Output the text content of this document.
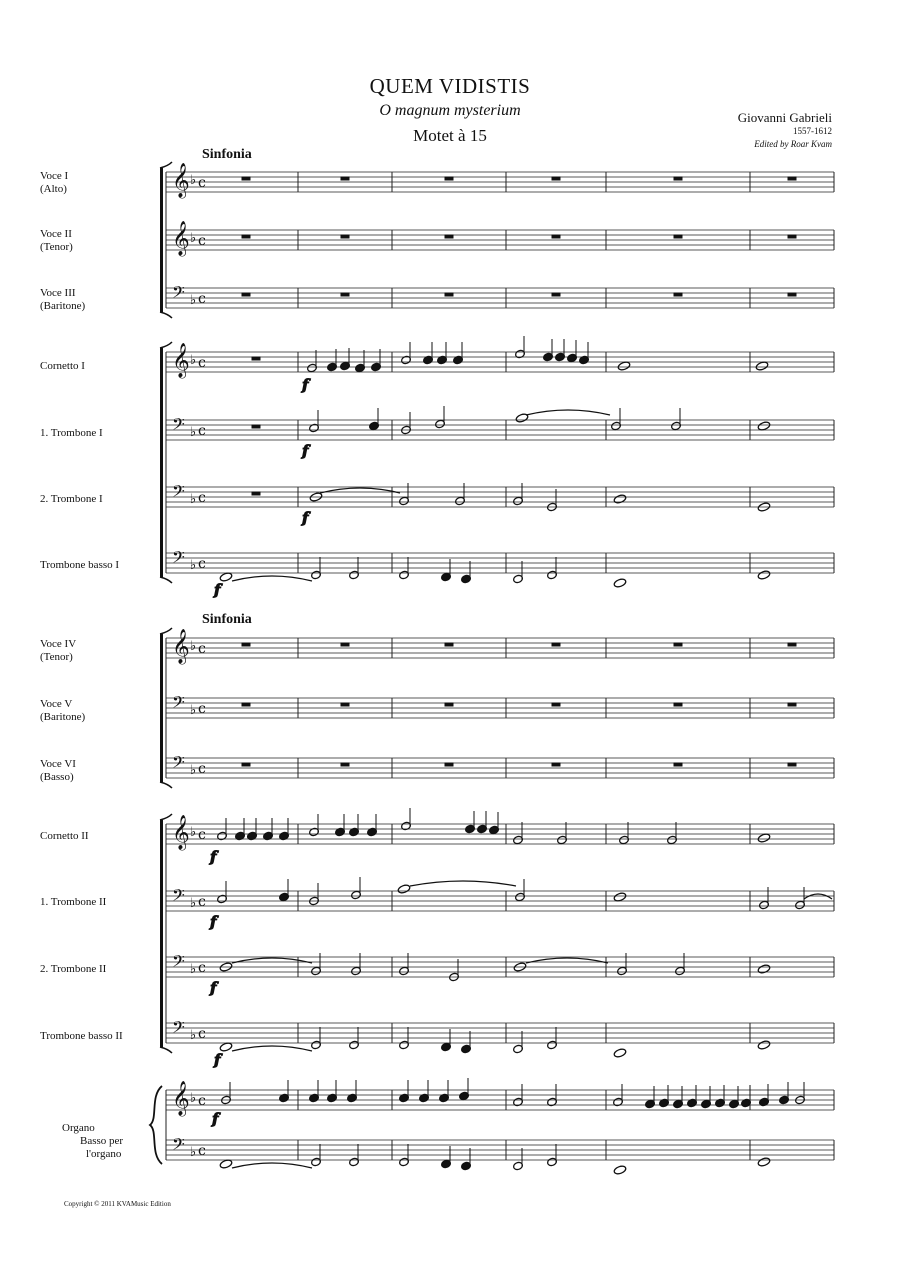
QUEM VIDISTIS
O magnum mysterium
Motet à 15
Giovanni Gabrieli
1557-1612
Edited by Roar Kvam
Sinfonia
Sinfonia
Voce I
(Alto)
Voce II
(Tenor)
Voce III
(Baritone)
Cornetto I
1. Trombone I
2. Trombone I
Trombone basso I
Voce IV
(Tenor)
Voce V
(Baritone)
Voce VI
(Basso)
Cornetto II
1. Trombone II
2. Trombone II
Trombone basso II
Organo
Basso per
l'organo
𝄞 ♭ c
𝄞 ♭ c
𝄢 ♭ c
𝄞 ♭ c
𝄢 ♭ c
𝄢 ♭ c
𝄢 ♭ c
𝄞 ♭ c
𝄢 ♭ c
𝄢 ♭ c
𝄞 ♭ c
𝄢 ♭ c
𝄢 ♭ c
𝄢 ♭ c
𝄞 ♭ c
𝄢 ♭ c
f
f
f
f
f
f
f
f
f
Copyright © 2011 KVAMusic Edition
